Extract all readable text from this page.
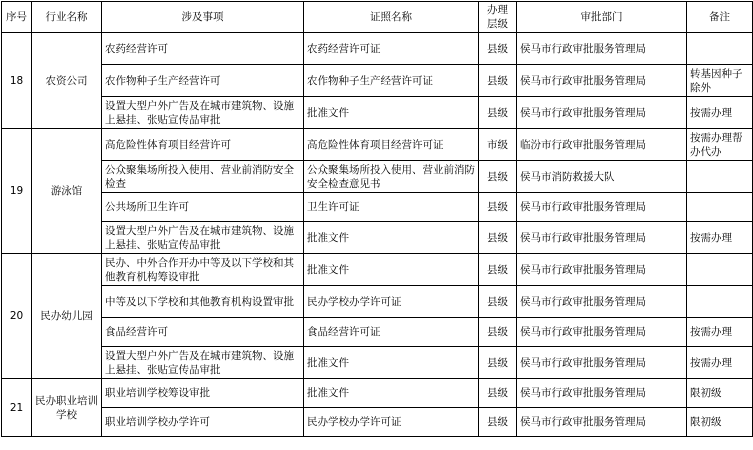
序号	行业名称	涉及事项	证照名称	办理层级	审批部门	备注
18	农资公司	农药经营许可	农药经营许可证	县级	侯马市行政审批服务管理局	
		农作物种子生产经营许可	农作物种子生产经营许可证	县级	侯马市行政审批服务管理局	转基因种子除外
		设置大型户外广告及在城市建筑物、设施上悬挂、张贴宣传品审批	批准文件	县级	侯马市行政审批服务管理局	按需办理
19	游泳馆	高危险性体育项目经营许可	高危险性体育项目经营许可证	市级	临汾市行政审批服务管理局	按需办理帮办代办
		公众聚集场所投入使用、营业前消防安全检查	公众聚集场所投入使用、营业前消防安全检查意见书	县级	侯马市消防救援大队	
		公共场所卫生许可	卫生许可证	县级	侯马市行政审批服务管理局	
		设置大型户外广告及在城市建筑物、设施上悬挂、张贴宣传品审批	批准文件	县级	侯马市行政审批服务管理局	按需办理
20	民办幼儿园	民办、中外合作开办中等及以下学校和其他教育机构筹设审批	批准文件	县级	侯马市行政审批服务管理局	
		中等及以下学校和其他教育机构设置审批	民办学校办学许可证	县级	侯马市行政审批服务管理局	
		食品经营许可	食品经营许可证	县级	侯马市行政审批服务管理局	按需办理
		设置大型户外广告及在城市建筑物、设施上悬挂、张贴宣传品审批	批准文件	县级	侯马市行政审批服务管理局	按需办理
21	民办职业培训学校	职业培训学校筹设审批	批准文件	县级	侯马市行政审批服务管理局	限初级
		职业培训学校办学许可	民办学校办学许可证	县级	侯马市行政审批服务管理局	限初级
